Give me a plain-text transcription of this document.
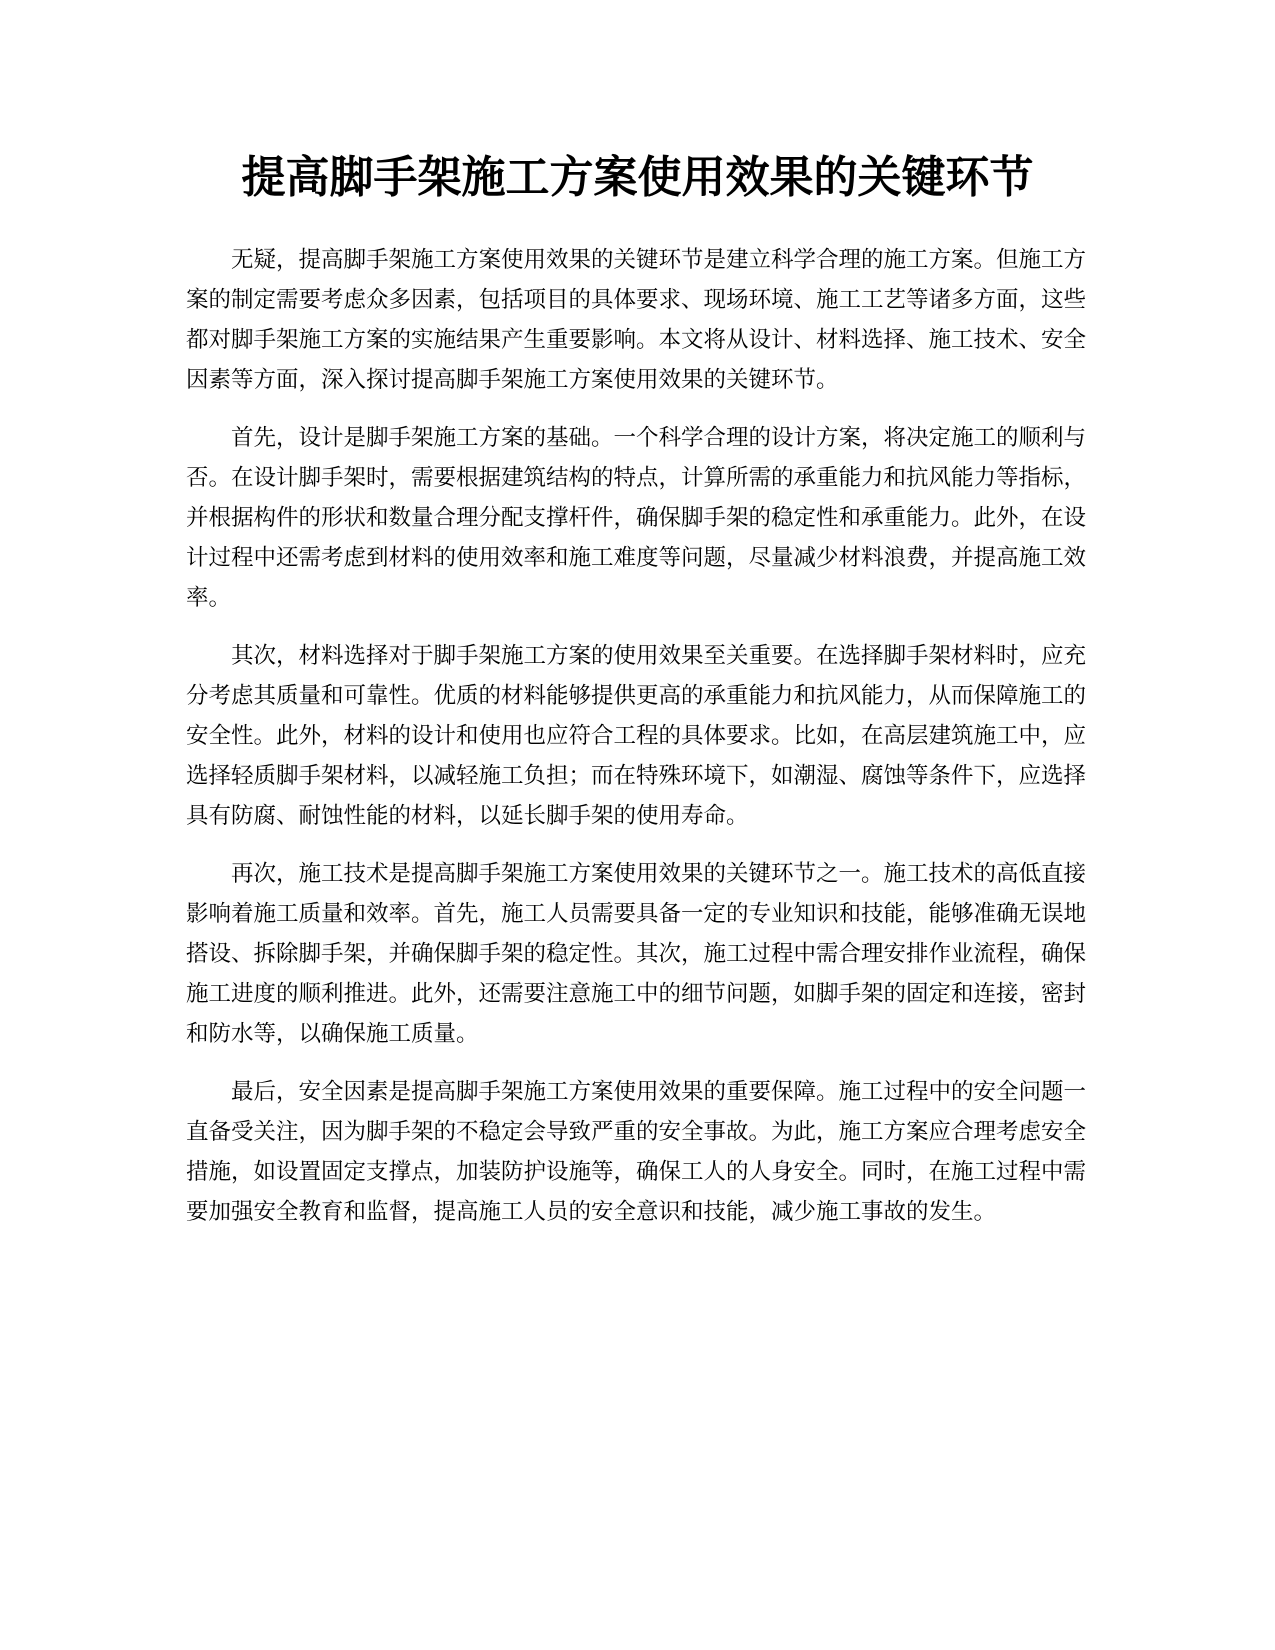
提高脚手架施工方案使用效果的关键环节

无疑，提高脚手架施工方案使用效果的关键环节是建立科学合理的施工方案。但施工方案的制定需要考虑众多因素，包括项目的具体要求、现场环境、施工工艺等诸多方面，这些都对脚手架施工方案的实施结果产生重要影响。本文将从设计、材料选择、施工技术、安全因素等方面，深入探讨提高脚手架施工方案使用效果的关键环节。

首先，设计是脚手架施工方案的基础。一个科学合理的设计方案，将决定施工的顺利与否。在设计脚手架时，需要根据建筑结构的特点，计算所需的承重能力和抗风能力等指标，并根据构件的形状和数量合理分配支撑杆件，确保脚手架的稳定性和承重能力。此外，在设计过程中还需考虑到材料的使用效率和施工难度等问题，尽量减少材料浪费，并提高施工效率。

其次，材料选择对于脚手架施工方案的使用效果至关重要。在选择脚手架材料时，应充分考虑其质量和可靠性。优质的材料能够提供更高的承重能力和抗风能力，从而保障施工的安全性。此外，材料的设计和使用也应符合工程的具体要求。比如，在高层建筑施工中，应选择轻质脚手架材料，以减轻施工负担；而在特殊环境下，如潮湿、腐蚀等条件下，应选择具有防腐、耐蚀性能的材料，以延长脚手架的使用寿命。

再次，施工技术是提高脚手架施工方案使用效果的关键环节之一。施工技术的高低直接影响着施工质量和效率。首先，施工人员需要具备一定的专业知识和技能，能够准确无误地搭设、拆除脚手架，并确保脚手架的稳定性。其次，施工过程中需合理安排作业流程，确保施工进度的顺利推进。此外，还需要注意施工中的细节问题，如脚手架的固定和连接，密封和防水等，以确保施工质量。

最后，安全因素是提高脚手架施工方案使用效果的重要保障。施工过程中的安全问题一直备受关注，因为脚手架的不稳定会导致严重的安全事故。为此，施工方案应合理考虑安全措施，如设置固定支撑点，加装防护设施等，确保工人的人身安全。同时，在施工过程中需要加强安全教育和监督，提高施工人员的安全意识和技能，减少施工事故的发生。
